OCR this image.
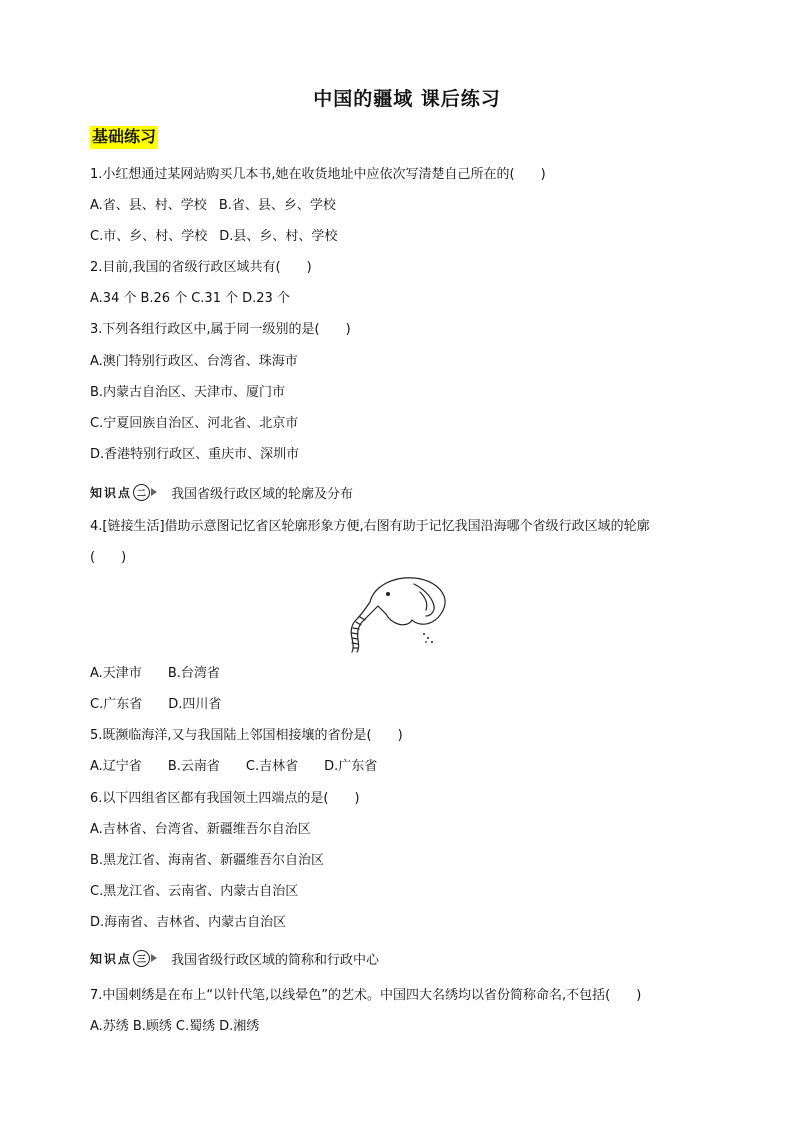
中国的疆域 课后练习
基础练习
1.小红想通过某网站购买几本书,她在收货地址中应依次写清楚自己所在的(　　)
A.省、县、村、学校 B.省、县、乡、学校
C.市、乡、村、学校 D.县、乡、村、学校
2.目前,我国的省级行政区域共有(　　)
A.34 个 B.26 个 C.31 个 D.23 个
3.下列各组行政区中,属于同一级别的是(　　)
A.澳门特别行政区、台湾省、珠海市
B.内蒙古自治区、天津市、厦门市
C.宁夏回族自治区、河北省、北京市
D.香港特别行政区、重庆市、深圳市
知识点 二	我国省级行政区域的轮廓及分布
4.[链接生活]借助示意图记忆省区轮廓形象方便,右图有助于记忆我国沿海哪个省级行政区域的轮廓
(　　)
A.天津市 B.台湾省
C.广东省 D.四川省
5.既濒临海洋,又与我国陆上邻国相接壤的省份是(　　)
A.辽宁省 B.云南省 C.吉林省 D.广东省
6.以下四组省区都有我国领土四端点的是(　　)
A.吉林省、台湾省、新疆维吾尔自治区
B.黑龙江省、海南省、新疆维吾尔自治区
C.黑龙江省、云南省、内蒙古自治区
D.海南省、吉林省、内蒙古自治区
知识点 三	我国省级行政区域的简称和行政中心
7.中国刺绣是在布上“以针代笔,以线晕色”的艺术。中国四大名绣均以省份简称命名,不包括(　　)
A.苏绣 B.顾绣 C.蜀绣 D.湘绣
